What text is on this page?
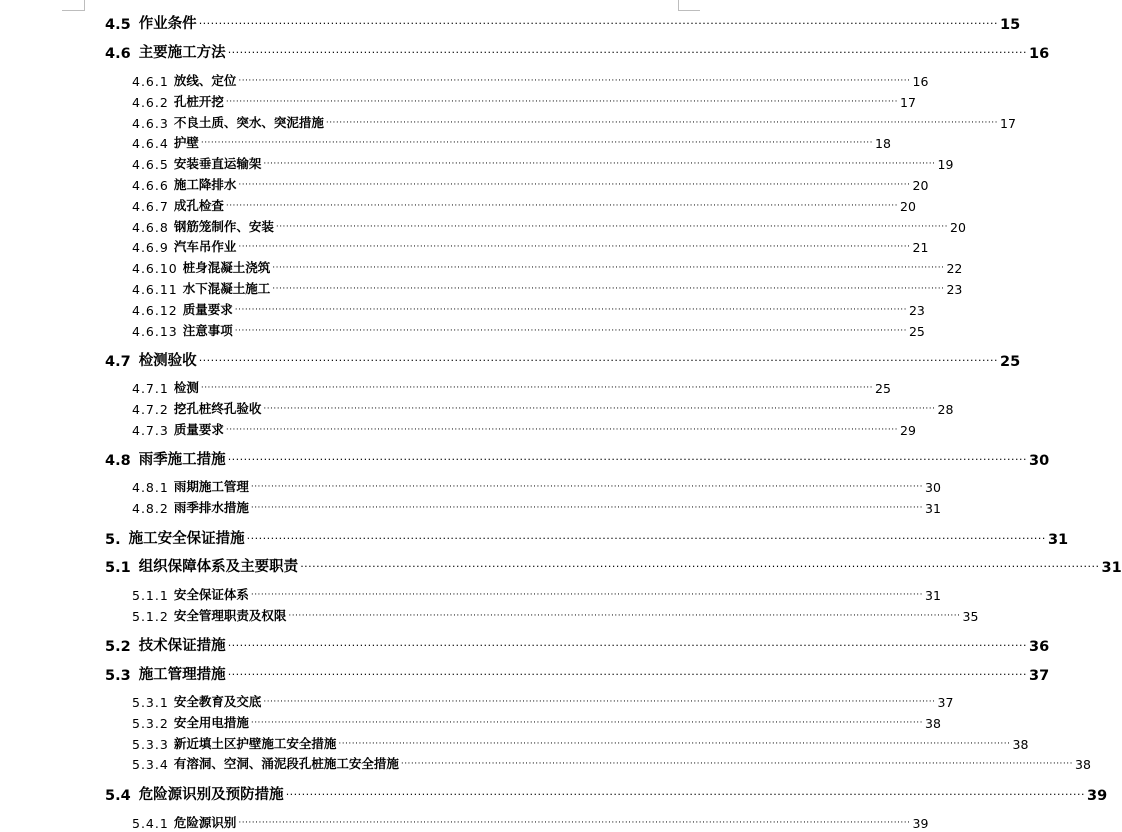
4.5 作业条件 ········································································································································································································ 15
4.6 主要施工方法 ········································································································································································································ 16
4.6.1 放线、定位 ········································································································································································································ 16
4.6.2 孔桩开挖 ········································································································································································································ 17
4.6.3 不良土质、突水、突泥措施 ········································································································································································································ 17
4.6.4 护壁 ········································································································································································································ 18
4.6.5 安装垂直运输架 ········································································································································································································ 19
4.6.6 施工降排水 ········································································································································································································ 20
4.6.7 成孔检查 ········································································································································································································ 20
4.6.8 钢筋笼制作、安装 ········································································································································································································ 20
4.6.9 汽车吊作业 ········································································································································································································ 21
4.6.10 桩身混凝土浇筑 ········································································································································································································ 22
4.6.11 水下混凝土施工 ········································································································································································································ 23
4.6.12 质量要求 ········································································································································································································ 23
4.6.13 注意事项 ········································································································································································································ 25
4.7 检测验收 ········································································································································································································ 25
4.7.1 检测 ········································································································································································································ 25
4.7.2 挖孔桩终孔验收 ········································································································································································································ 28
4.7.3 质量要求 ········································································································································································································ 29
4.8 雨季施工措施 ········································································································································································································ 30
4.8.1 雨期施工管理 ········································································································································································································ 30
4.8.2 雨季排水措施 ········································································································································································································ 31
5. 施工安全保证措施 ········································································································································································································ 31
5.1 组织保障体系及主要职责 ········································································································································································································ 31
5.1.1 安全保证体系 ········································································································································································································ 31
5.1.2 安全管理职责及权限 ········································································································································································································ 35
5.2 技术保证措施 ········································································································································································································ 36
5.3 施工管理措施 ········································································································································································································ 37
5.3.1 安全教育及交底 ········································································································································································································ 37
5.3.2 安全用电措施 ········································································································································································································ 38
5.3.3 新近填土区护壁施工安全措施 ········································································································································································································ 38
5.3.4 有溶洞、空洞、涌泥段孔桩施工安全措施 ········································································································································································································ 38
5.4 危险源识别及预防措施 ········································································································································································································ 39
5.4.1 危险源识别 ········································································································································································································ 39
